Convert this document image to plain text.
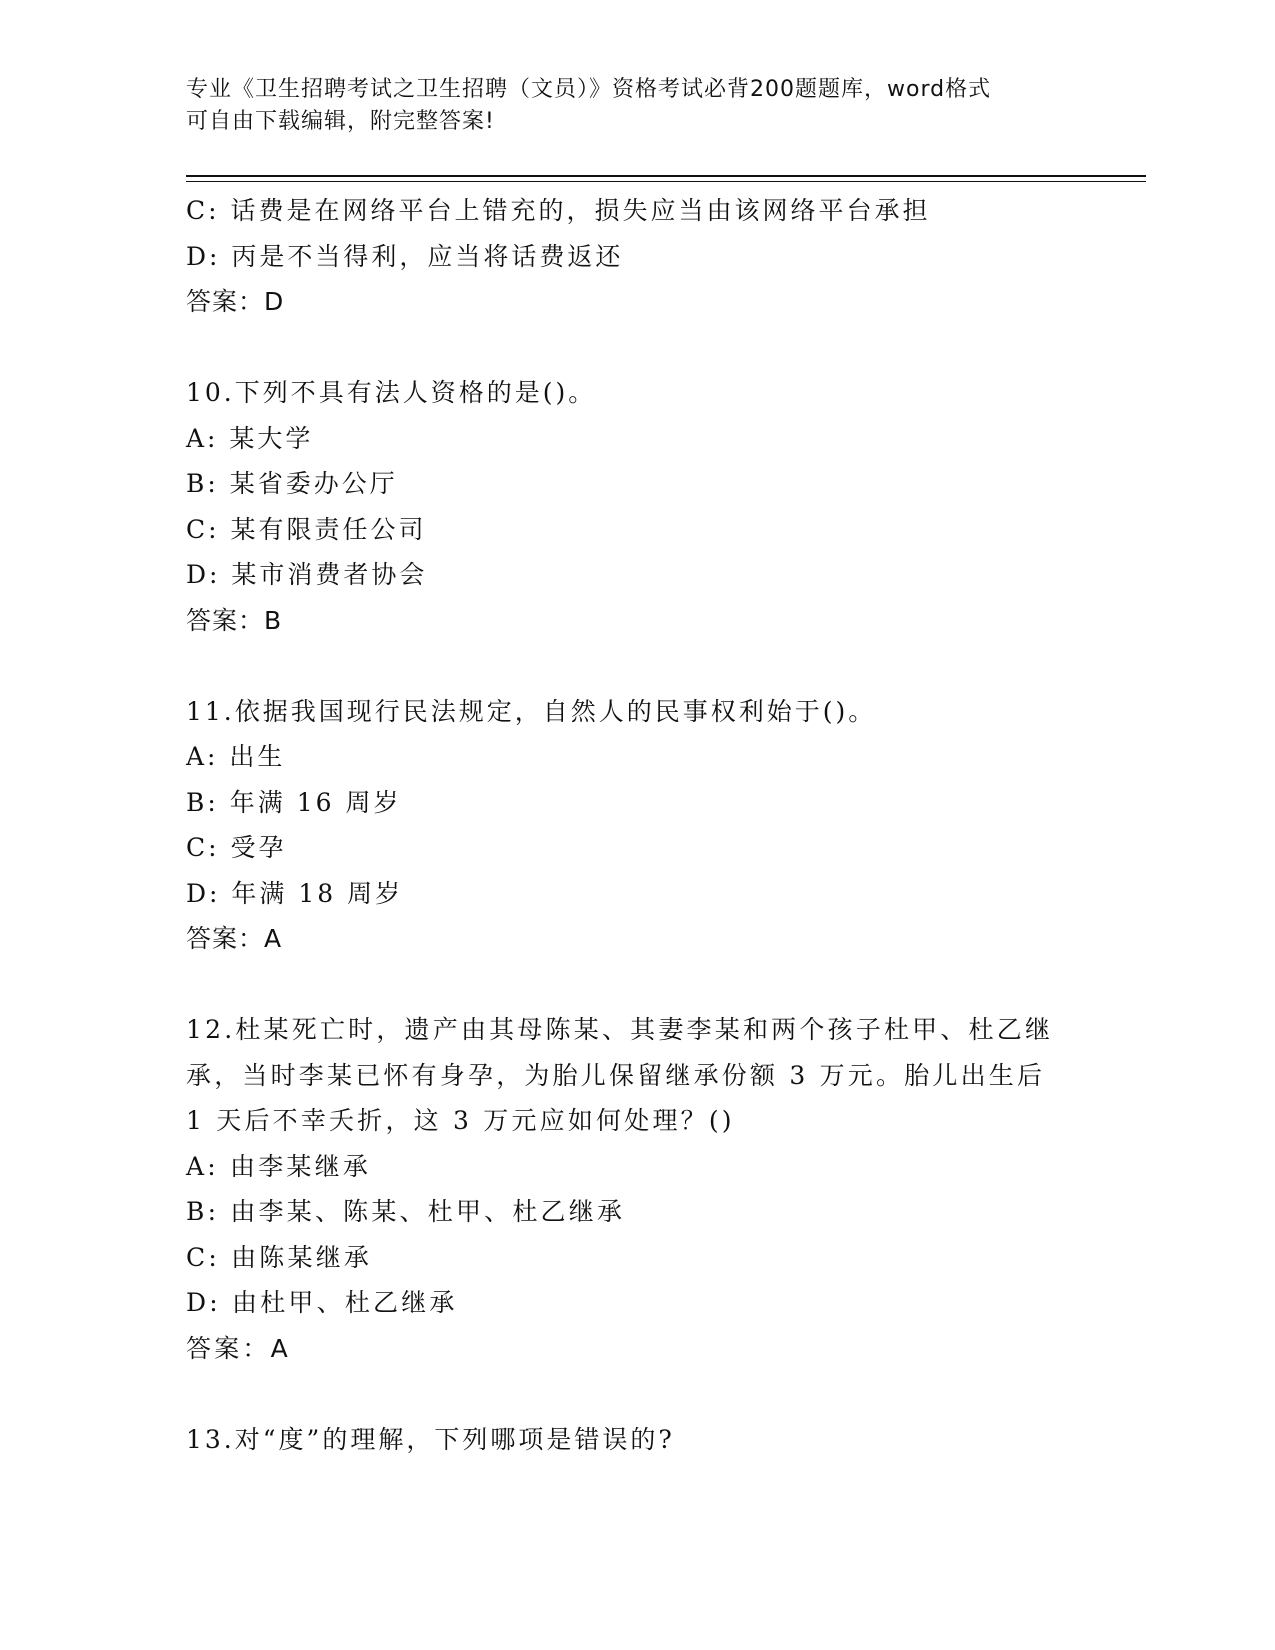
专业《卫生招聘考试之卫生招聘（文员）》资格考试必背200题题库，word格式
可自由下载编辑，附完整答案!
C: 话费是在网络平台上错充的，损失应当由该网络平台承担
D: 丙是不当得利，应当将话费返还
答案：D
10.下列不具有法人资格的是()。
A: 某大学
B: 某省委办公厅
C: 某有限责任公司
D: 某市消费者协会
答案：B
11.依据我国现行民法规定，自然人的民事权利始于()。
A: 出生
B: 年满 16 周岁
C: 受孕
D: 年满 18 周岁
答案：A
12.杜某死亡时，遗产由其母陈某、其妻李某和两个孩子杜甲、杜乙继
承，当时李某已怀有身孕，为胎儿保留继承份额 3 万元。胎儿出生后
1 天后不幸夭折，这 3 万元应如何处理？()
A: 由李某继承
B: 由李某、陈某、杜甲、杜乙继承
C: 由陈某继承
D: 由杜甲、杜乙继承
答案：A
13.对“度”的理解，下列哪项是错误的?
